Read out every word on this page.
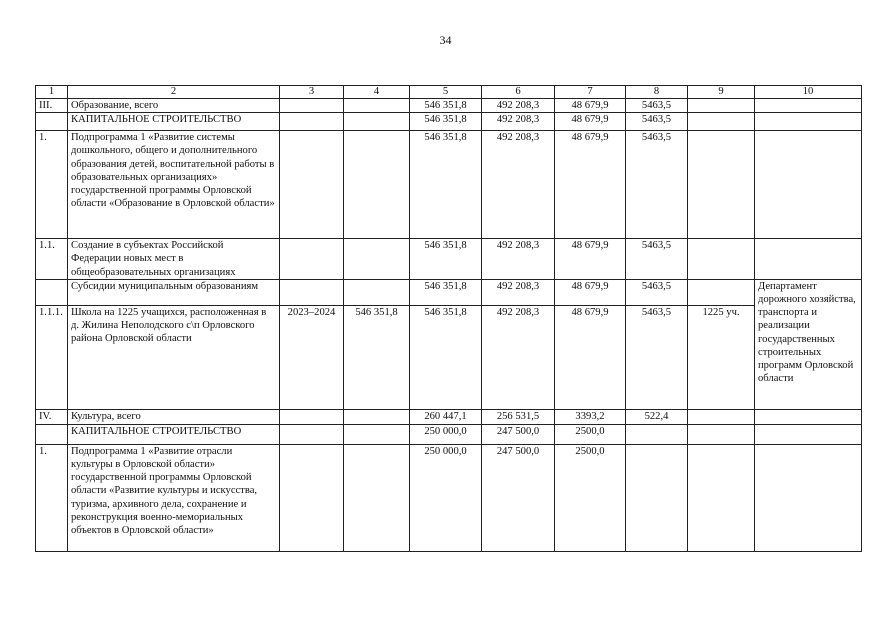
34
1	2	3	4	5	6	7	8	9	10
III.	Образование, всего			546 351,8	492 208,3	48 679,9	5463,5		
	КАПИТАЛЬНОЕ СТРОИТЕЛЬСТВО			546 351,8	492 208,3	48 679,9	5463,5		
1.	Подпрограмма 1 «Развитие системы дошкольного, общего и дополнительного образования детей, воспитательной работы в образовательных организациях» государственной программы Орловской области «Образование в Орловской области»			546 351,8	492 208,3	48 679,9	5463,5		
1.1.	Создание в субъектах Российской Федерации новых мест в общеобразовательных организациях			546 351,8	492 208,3	48 679,9	5463,5		
	Субсидии муниципальным образованиям			546 351,8	492 208,3	48 679,9	5463,5		Департамент дорожного хозяйства, транспорта и реализации государственных строительных программ Орловской области
1.1.1.	Школа на 1225 учащихся, расположенная в д. Жилина Неполодского с\п Орловского района Орловской области	2023–2024	546 351,8	546 351,8	492 208,3	48 679,9	5463,5	1225 уч.	
IV.	Культура, всего			260 447,1	256 531,5	3393,2	522,4		
	КАПИТАЛЬНОЕ СТРОИТЕЛЬСТВО			250 000,0	247 500,0	2500,0			
1.	Подпрограмма 1 «Развитие отрасли культуры в Орловской области» государственной программы Орловской области «Развитие культуры и искусства, туризма, архивного дела, сохранение и реконструкция военно-мемориальных объектов в Орловской области»			250 000,0	247 500,0	2500,0			
